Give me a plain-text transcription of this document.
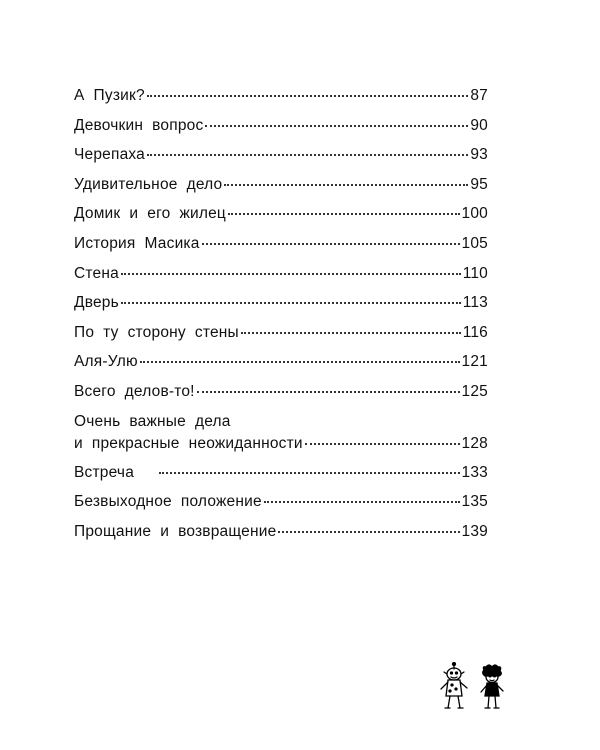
А  Пузик?	87
Девочкин  вопрос	90
Черепаха	93
Удивительное  дело	95
Домик  и  его  жилец	100
История  Масика	105
Стена	110
Дверь	113
По  ту  сторону  стены	116
Аля-Улю	121
Всего  делов-то!	125
Очень  важные  дела
и  прекрасные  неожиданности	128
Встреча	133
Безвыходное  положение	135
Прощание  и  возвращение	139
